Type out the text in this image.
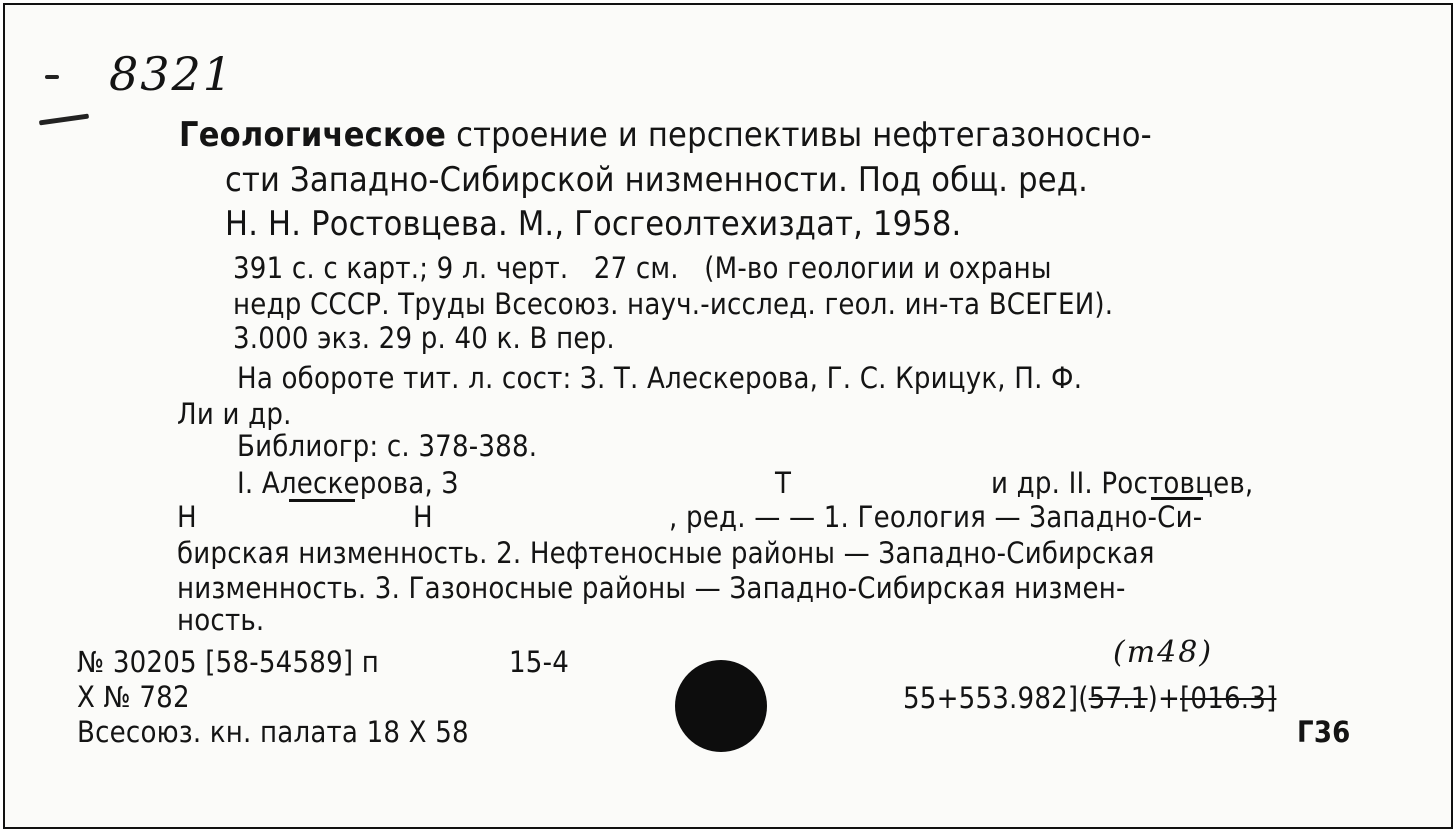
8321
Геологическое строение и перспективы нефтегазоносно-
сти Западно-Сибирской низменности. Под общ. ред.
Н. Н. Ростовцева. М., Госгеолтехиздат, 1958.
391 с. с карт.; 9 л. черт.   27 см.   (М-во геологии и охраны
недр СССР. Труды Всесоюз. науч.-исслед. геол. ин-та ВСЕГЕИ).
3.000 экз. 29 р. 40 к. В пер.
На обороте тит. л. сост: З. Т. Алескерова, Г. С. Крицук, П. Ф.
Ли и др.
Библиогр: с. 378-388.
I. Алескерова, З	Т	и др. II. Ростовцев,
Н	Н	, ред. — — 1. Геология — Западно-Си-
бирская низменность. 2. Нефтеносные районы — Западно-Сибирская
низменность. 3. Газоносные районы — Западно-Сибирская низмен-
ность.
№ 30205 [58-54589] п	15-4
X № 782
Всесоюз. кн. палата 18 X 58
(т48)
55+553.982](57.1)+[016.3]
Г36
